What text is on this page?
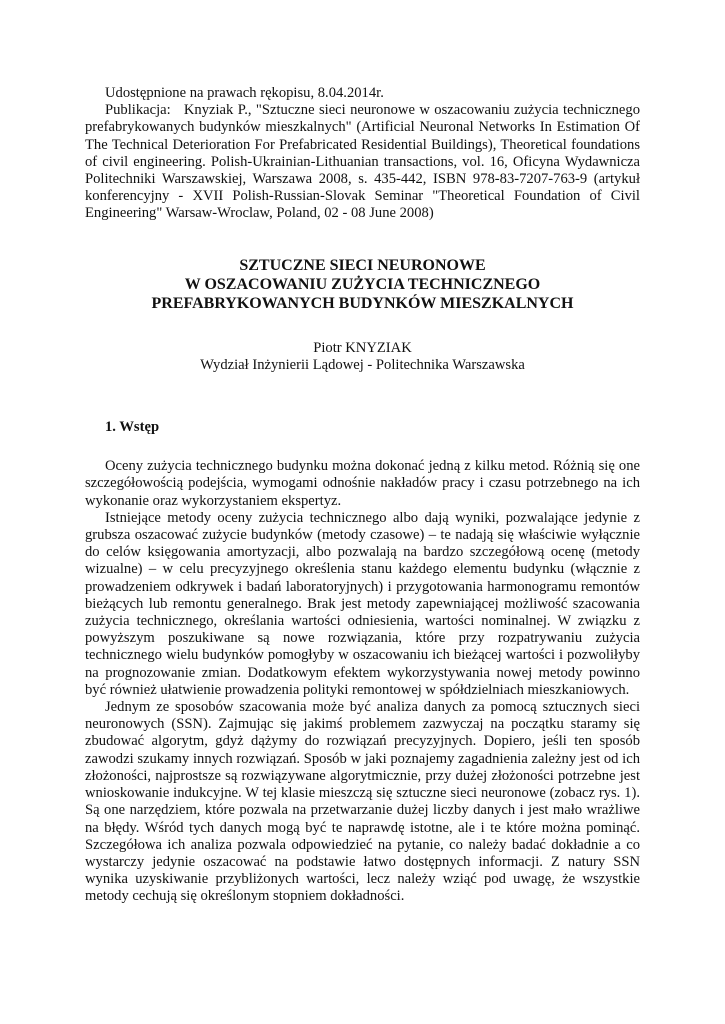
Udostępnione na prawach rękopisu, 8.04.2014r.

Publikacja: Knyziak P., "Sztuczne sieci neuronowe w oszacowaniu zużycia technicznego prefabrykowanych budynków mieszkalnych" (Artificial Neuronal Networks In Estimation Of The Technical Deterioration For Prefabricated Residential Buildings), Theoretical foundations of civil engineering. Polish-Ukrainian-Lithuanian transactions, vol. 16, Oficyna Wydawnicza Politechniki Warszawskiej, Warszawa 2008, s. 435-442, ISBN 978-83-7207-763-9 (artykuł konferencyjny - XVII Polish-Russian-Slovak Seminar "Theoretical Foundation of Civil Engineering" Warsaw-Wroclaw, Poland, 02 - 08 June 2008)

SZTUCZNE SIECI NEURONOWE

W OSZACOWANIU ZUŻYCIA TECHNICZNEGO

PREFABRYKOWANYCH BUDYNKÓW MIESZKALNYCH

Piotr KNYZIAK

Wydział Inżynierii Lądowej - Politechnika Warszawska

1. Wstęp

Oceny zużycia technicznego budynku można dokonać jedną z kilku metod. Różnią się one szczegółowością podejścia, wymogami odnośnie nakładów pracy i czasu potrzebnego na ich wykonanie oraz wykorzystaniem ekspertyz.

Istniejące metody oceny zużycia technicznego albo dają wyniki, pozwalające jedynie z grubsza oszacować zużycie budynków (metody czasowe) – te nadają się właściwie wyłącznie do celów księgowania amortyzacji, albo pozwalają na bardzo szczegółową ocenę (metody wizualne) – w celu precyzyjnego określenia stanu każdego elementu budynku (włącznie z prowadzeniem odkrywek i badań laboratoryjnych) i przygotowania harmonogramu remontów bieżących lub remontu generalnego. Brak jest metody zapewniającej możliwość szacowania zużycia technicznego, określania wartości odniesienia, wartości nominalnej. W związku z powyższym poszukiwane są nowe rozwiązania, które przy rozpatrywaniu zużycia technicznego wielu budynków pomogłyby w oszacowaniu ich bieżącej wartości i pozwoliłyby na prognozowanie zmian. Dodatkowym efektem wykorzystywania nowej metody powinno być również ułatwienie prowadzenia polityki remontowej w spółdzielniach mieszkaniowych.

Jednym ze sposobów szacowania może być analiza danych za pomocą sztucznych sieci neuronowych (SSN). Zajmując się jakimś problemem zazwyczaj na początku staramy się zbudować algorytm, gdyż dążymy do rozwiązań precyzyjnych. Dopiero, jeśli ten sposób zawodzi szukamy innych rozwiązań. Sposób w jaki poznajemy zagadnienia zależny jest od ich złożoności, najprostsze są rozwiązywane algorytmicznie, przy dużej złożoności potrzebne jest wnioskowanie indukcyjne. W tej klasie mieszczą się sztuczne sieci neuronowe (zobacz rys. 1). Są one narzędziem, które pozwala na przetwarzanie dużej liczby danych i jest mało wrażliwe na błędy. Wśród tych danych mogą być te naprawdę istotne, ale i te które można pominąć. Szczegółowa ich analiza pozwala odpowiedzieć na pytanie, co należy badać dokładnie a co wystarczy jedynie oszacować na podstawie łatwo dostępnych informacji. Z natury SSN wynika uzyskiwanie przybliżonych wartości, lecz należy wziąć pod uwagę, że wszystkie metody cechują się określonym stopniem dokładności.
